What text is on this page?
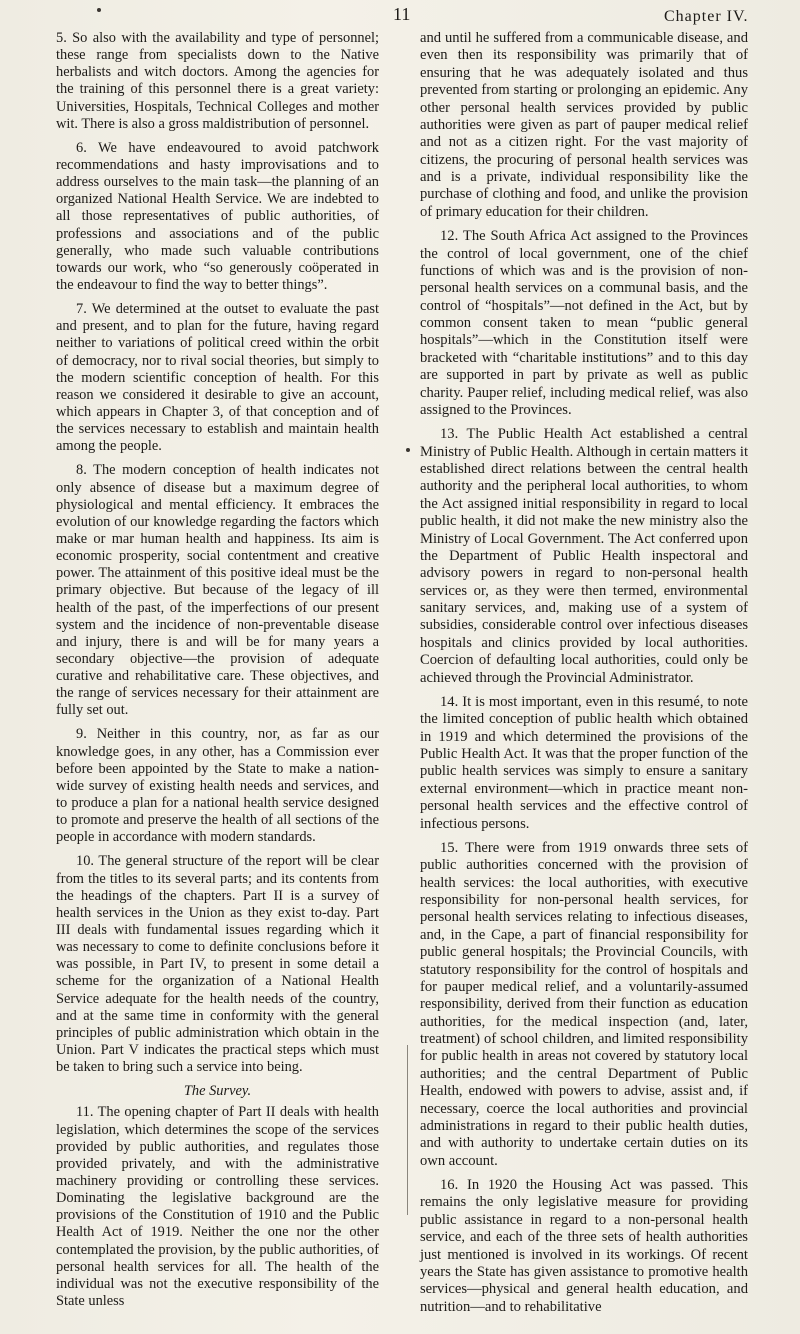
11	Chapter IV.

5. So also with the availability and type of personnel; these range from specialists down to the Native herbalists and witch doctors. Among the agencies for the training of this personnel there is a great variety: Universities, Hospitals, Technical Colleges and mother wit. There is also a gross maldistribution of personnel.

6. We have endeavoured to avoid patchwork recommendations and hasty improvisations and to address ourselves to the main task—the planning of an organized National Health Service. We are indebted to all those representatives of public authorities, of professions and associations and of the public generally, who made such valuable contributions towards our work, who “so generously coöperated in the endeavour to find the way to better things”.

7. We determined at the outset to evaluate the past and present, and to plan for the future, having regard neither to variations of political creed within the orbit of democracy, nor to rival social theories, but simply to the modern scientific conception of health. For this reason we considered it desirable to give an account, which appears in Chapter 3, of that conception and of the services necessary to establish and maintain health among the people.

8. The modern conception of health indicates not only absence of disease but a maximum degree of physiological and mental efficiency. It embraces the evolution of our knowledge regarding the factors which make or mar human health and happiness. Its aim is economic prosperity, social contentment and creative power. The attainment of this positive ideal must be the primary objective. But because of the legacy of ill health of the past, of the imperfections of our present system and the incidence of non-preventable disease and injury, there is and will be for many years a secondary objective—the provision of adequate curative and rehabilitative care. These objectives, and the range of services necessary for their attainment are fully set out.

9. Neither in this country, nor, as far as our knowledge goes, in any other, has a Commission ever before been appointed by the State to make a nation-wide survey of existing health needs and services, and to produce a plan for a national health service designed to promote and preserve the health of all sections of the people in accordance with modern standards.

10. The general structure of the report will be clear from the titles to its several parts; and its contents from the headings of the chapters. Part II is a survey of health services in the Union as they exist to-day. Part III deals with fundamental issues regarding which it was necessary to come to definite conclusions before it was possible, in Part IV, to present in some detail a scheme for the organization of a National Health Service adequate for the health needs of the country, and at the same time in conformity with the general principles of public administration which obtain in the Union. Part V indicates the practical steps which must be taken to bring such a service into being.

The Survey.

11. The opening chapter of Part II deals with health legislation, which determines the scope of the services provided by public authorities, and regulates those provided privately, and with the administrative machinery providing or controlling these services. Dominating the legislative background are the provisions of the Constitution of 1910 and the Public Health Act of 1919. Neither the one nor the other contemplated the provision, by the public authorities, of personal health services for all. The health of the individual was not the executive responsibility of the State unless

and until he suffered from a communicable disease, and even then its responsibility was primarily that of ensuring that he was adequately isolated and thus prevented from starting or prolonging an epidemic. Any other personal health services provided by public authorities were given as part of pauper medical relief and not as a citizen right. For the vast majority of citizens, the procuring of personal health services was and is a private, individual responsibility like the purchase of clothing and food, and unlike the provision of primary education for their children.

12. The South Africa Act assigned to the Provinces the control of local government, one of the chief functions of which was and is the provision of non-personal health services on a communal basis, and the control of “hospitals”—not defined in the Act, but by common consent taken to mean “public general hospitals”—which in the Constitution itself were bracketed with “charitable institutions” and to this day are supported in part by private as well as public charity. Pauper relief, including medical relief, was also assigned to the Provinces.

13. The Public Health Act established a central Ministry of Public Health. Although in certain matters it established direct relations between the central health authority and the peripheral local authorities, to whom the Act assigned initial responsibility in regard to local public health, it did not make the new ministry also the Ministry of Local Government. The Act conferred upon the Department of Public Health inspectoral and advisory powers in regard to non-personal health services or, as they were then termed, environmental sanitary services, and, making use of a system of subsidies, considerable control over infectious diseases hospitals and clinics provided by local authorities. Coercion of defaulting local authorities, could only be achieved through the Provincial Administrator.

14. It is most important, even in this resumé, to note the limited conception of public health which obtained in 1919 and which determined the provisions of the Public Health Act. It was that the proper function of the public health services was simply to ensure a sanitary external environment—which in practice meant non-personal health services and the effective control of infectious persons.

15. There were from 1919 onwards three sets of public authorities concerned with the provision of health services: the local authorities, with executive responsibility for non-personal health services, for personal health services relating to infectious diseases, and, in the Cape, a part of financial responsibility for public general hospitals; the Provincial Councils, with statutory responsibility for the control of hospitals and for pauper medical relief, and a voluntarily-assumed responsibility, derived from their function as education authorities, for the medical inspection (and, later, treatment) of school children, and limited responsibility for public health in areas not covered by statutory local authorities; and the central Department of Public Health, endowed with powers to advise, assist and, if necessary, coerce the local authorities and provincial administrations in regard to their public health duties, and with authority to undertake certain duties on its own account.

16. In 1920 the Housing Act was passed. This remains the only legislative measure for providing public assistance in regard to a non-personal health service, and each of the three sets of health authorities just mentioned is involved in its workings. Of recent years the State has given assistance to promotive health services—physical and general health education, and nutrition—and to rehabilitative
